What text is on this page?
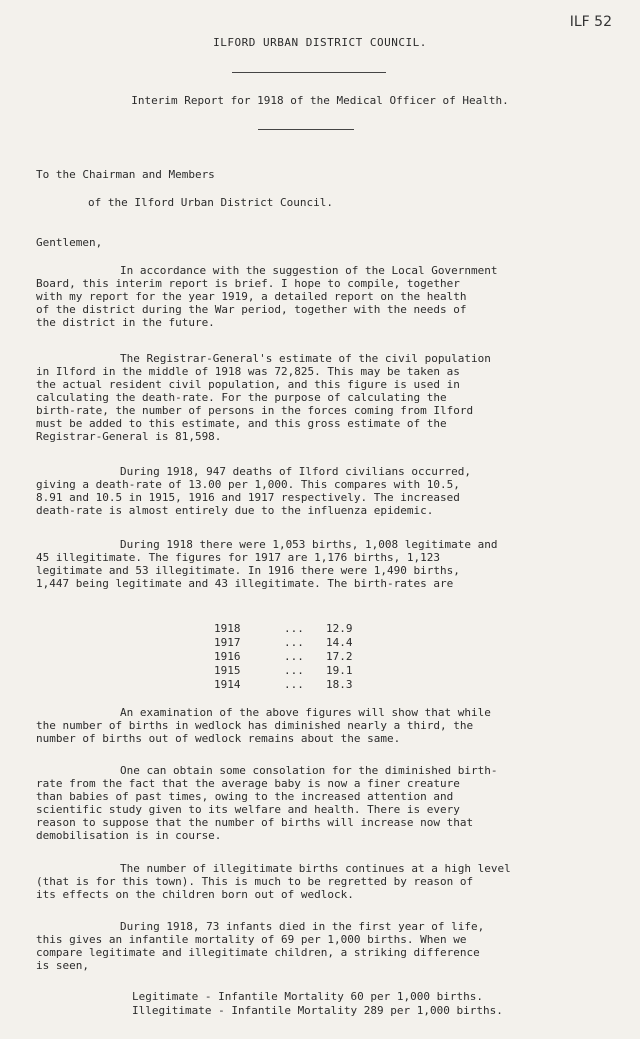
ILF 52
ILFORD URBAN DISTRICT COUNCIL.
Interim Report for 1918 of the Medical Officer of Health.
To the Chairman and Members
of the Ilford Urban District Council.
Gentlemen,
In accordance with the suggestion of the Local Government
Board, this interim report is brief. I hope to compile, together
with my report for the year 1919, a detailed report on the health
of the district during the War period, together with the needs of
the district in the future.
The Registrar-General's estimate of the civil population
in Ilford in the middle of 1918 was 72,825. This may be taken as
the actual resident civil population, and this figure is used in
calculating the death-rate. For the purpose of calculating the
birth-rate, the number of persons in the forces coming from Ilford
must be added to this estimate, and this gross estimate of the
Registrar-General is 81,598.
During 1918, 947 deaths of Ilford civilians occurred,
giving a death-rate of 13.00 per 1,000. This compares with 10.5,
8.91 and 10.5 in 1915, 1916 and 1917 respectively. The increased
death-rate is almost entirely due to the influenza epidemic.
During 1918 there were 1,053 births, 1,008 legitimate and
45 illegitimate. The figures for 1917 are 1,176 births, 1,123
legitimate and 53 illegitimate. In 1916 there were 1,490 births,
1,447 being legitimate and 43 illegitimate. The birth-rates are
1918	... 12.9
1917	... 14.4
1916	... 17.2
1915	... 19.1
1914	... 18.3
An examination of the above figures will show that while
the number of births in wedlock has diminished nearly a third, the
number of births out of wedlock remains about the same.
One can obtain some consolation for the diminished birth-
rate from the fact that the average baby is now a finer creature
than babies of past times, owing to the increased attention and
scientific study given to its welfare and health. There is every
reason to suppose that the number of births will increase now that
demobilisation is in course.
The number of illegitimate births continues at a high level
(that is for this town). This is much to be regretted by reason of
its effects on the children born out of wedlock.
During 1918, 73 infants died in the first year of life,
this gives an infantile mortality of 69 per 1,000 births. When we
compare legitimate and illegitimate children, a striking difference
is seen,
Legitimate - Infantile Mortality 60 per 1,000 births.
Illegitimate - Infantile Mortality 289 per 1,000 births.
